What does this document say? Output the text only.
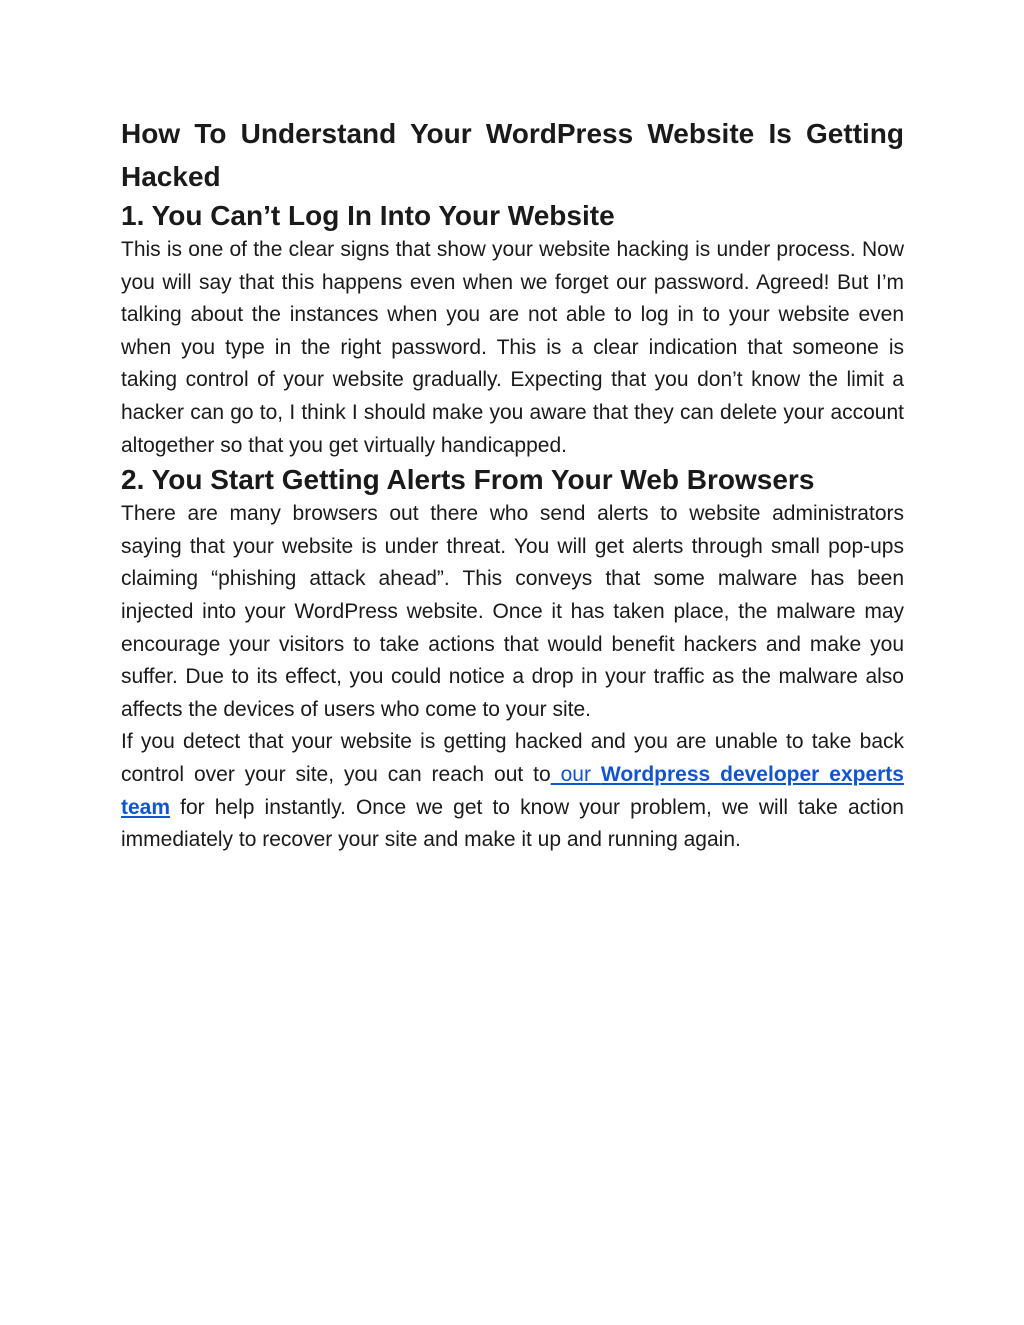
How To Understand Your WordPress Website Is Getting Hacked
1. You Can’t Log In Into Your Website

This is one of the clear signs that show your website hacking is under process. Now you will say that this happens even when we forget our password. Agreed! But I’m talking about the instances when you are not able to log in to your website even when you type in the right password. This is a clear indication that someone is taking control of your website gradually. Expecting that you don’t know the limit a hacker can go to, I think I should make you aware that they can delete your account altogether so that you get virtually handicapped.

2. You Start Getting Alerts From Your Web Browsers

There are many browsers out there who send alerts to website administrators saying that your website is under threat. You will get alerts through small pop-ups claiming “phishing attack ahead”. This conveys that some malware has been injected into your WordPress website. Once it has taken place, the malware may encourage your visitors to take actions that would benefit hackers and make you suffer. Due to its effect, you could notice a drop in your traffic as the malware also affects the devices of users who come to your site.

If you detect that your website is getting hacked and you are unable to take back control over your site, you can reach out to our Wordpress developer experts team for help instantly. Once we get to know your problem, we will take action immediately to recover your site and make it up and running again.
